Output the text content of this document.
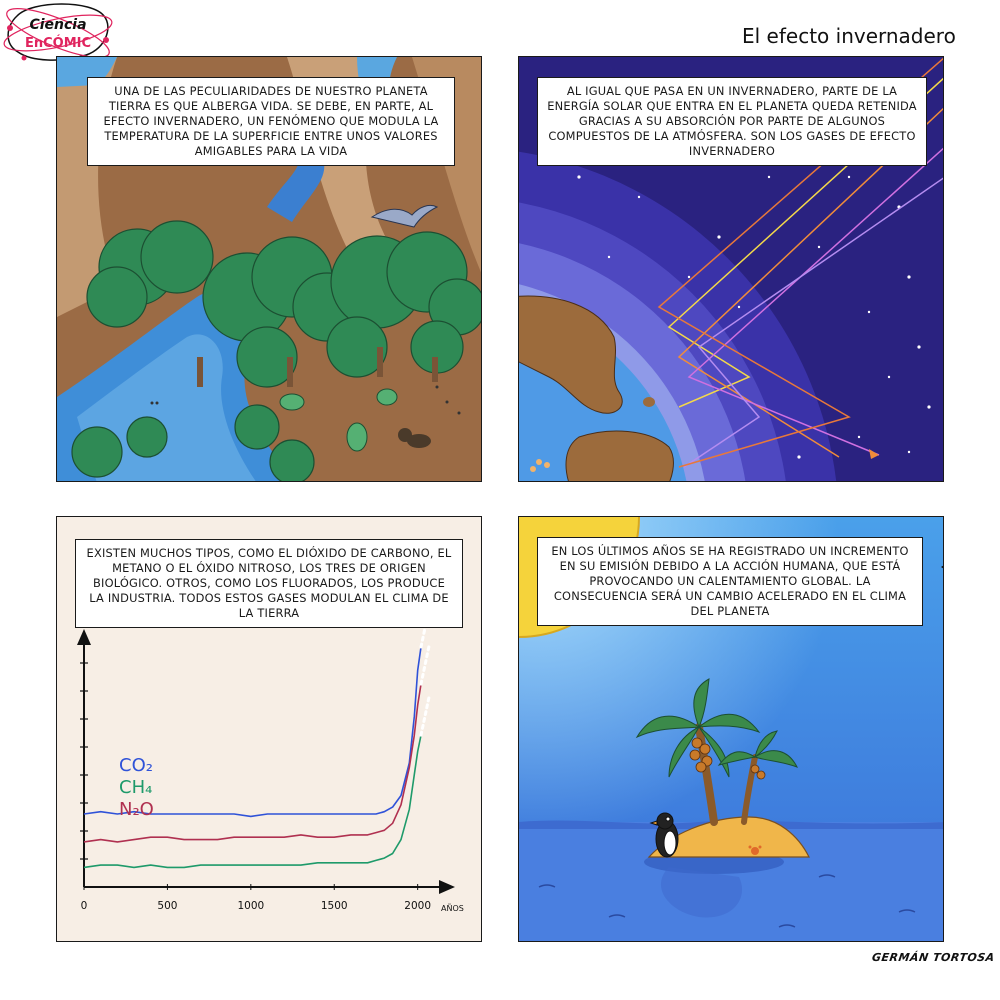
Ciencia
EnCÓMIC	El efecto invernadero
UNA DE LAS PECULIARIDADES DE NUESTRO PLANETA TIERRA ES QUE ALBERGA VIDA. SE DEBE, EN PARTE, AL EFECTO INVERNADERO, UN FENÓMENO QUE MODULA LA TEMPERATURA DE LA SUPERFICIE ENTRE UNOS VALORES AMIGABLES PARA LA VIDA
AL IGUAL QUE PASA EN UN INVERNADERO, PARTE DE LA ENERGÍA SOLAR QUE ENTRA EN EL PLANETA QUEDA RETENIDA GRACIAS A SU ABSORCIÓN POR PARTE DE ALGUNOS COMPUESTOS DE LA ATMÓSFERA. SON LOS GASES DE EFECTO INVERNADERO
0	500	1000	1500	2000
EXISTEN MUCHOS TIPOS, COMO EL DIÓXIDO DE CARBONO, EL METANO O EL ÓXIDO NITROSO, LOS TRES DE ORIGEN BIOLÓGICO. OTROS, COMO LOS FLUORADOS, LOS PRODUCE LA INDUSTRIA. TODOS ESTOS GASES MODULAN EL CLIMA DE LA TIERRA
CO₂
CH₄
N₂O
AÑOS
EN LOS ÚLTIMOS AÑOS SE HA REGISTRADO UN INCREMENTO EN SU EMISIÓN DEBIDO A LA ACCIÓN HUMANA, QUE ESTÁ PROVOCANDO UN CALENTAMIENTO GLOBAL. LA CONSECUENCIA SERÁ UN CAMBIO ACELERADO EN EL CLIMA DEL PLANETA
GERMÁN TORTOSA
